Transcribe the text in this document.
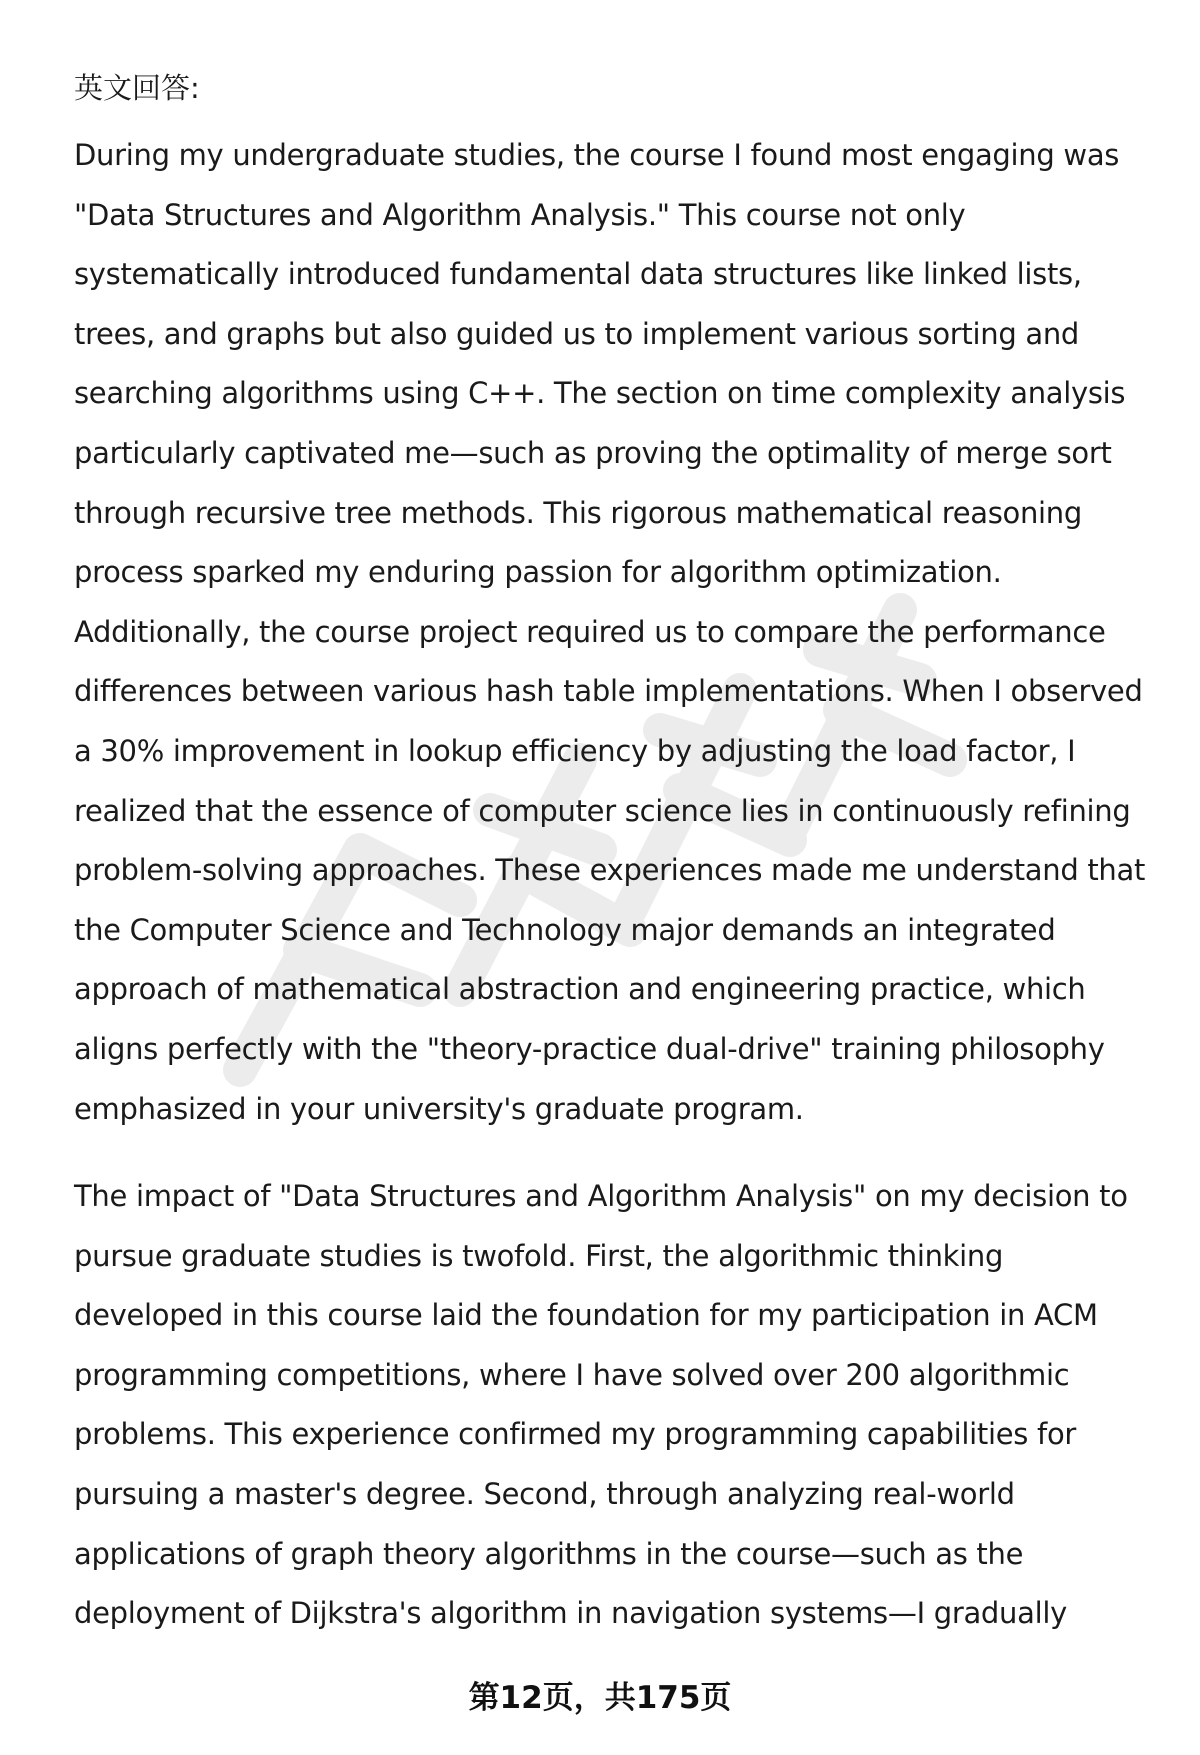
英文回答:
During my undergraduate studies, the course I found most engaging was
"Data Structures and Algorithm Analysis." This course not only
systematically introduced fundamental data structures like linked lists,
trees, and graphs but also guided us to implement various sorting and
searching algorithms using C++. The section on time complexity analysis
particularly captivated me—such as proving the optimality of merge sort
through recursive tree methods. This rigorous mathematical reasoning
process sparked my enduring passion for algorithm optimization.
Additionally, the course project required us to compare the performance
differences between various hash table implementations. When I observed
a 30% improvement in lookup efficiency by adjusting the load factor, I
realized that the essence of computer science lies in continuously refining
problem-solving approaches. These experiences made me understand that
the Computer Science and Technology major demands an integrated
approach of mathematical abstraction and engineering practice, which
aligns perfectly with the "theory-practice dual-drive" training philosophy
emphasized in your university's graduate program.
The impact of "Data Structures and Algorithm Analysis" on my decision to
pursue graduate studies is twofold. First, the algorithmic thinking
developed in this course laid the foundation for my participation in ACM
programming competitions, where I have solved over 200 algorithmic
problems. This experience confirmed my programming capabilities for
pursuing a master's degree. Second, through analyzing real-world
applications of graph theory algorithms in the course—such as the
deployment of Dijkstra's algorithm in navigation systems—I gradually
第12页，共175页
